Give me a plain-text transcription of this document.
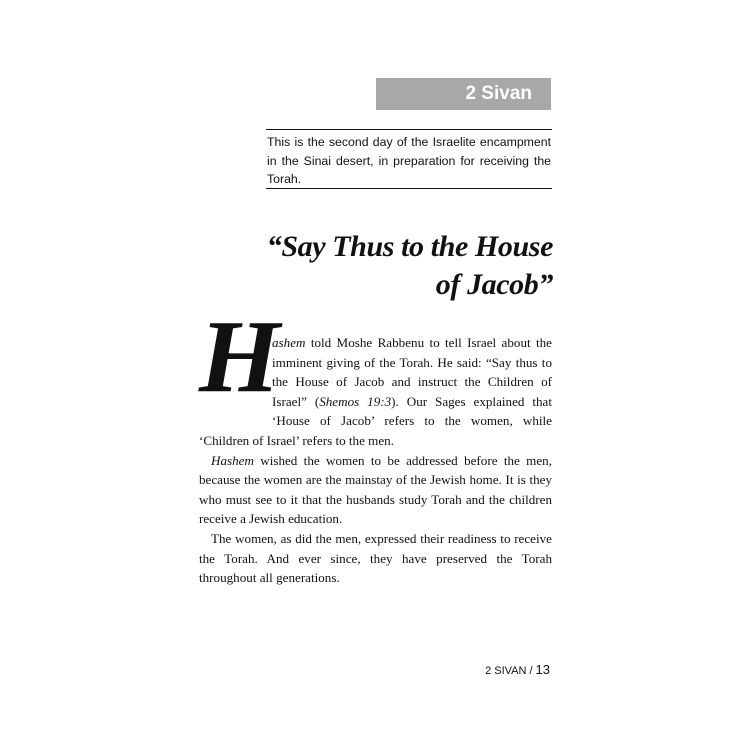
2 Sivan
This is the second day of the Israelite encampment in the Sinai desert, in preparation for receiving the Torah.
“Say Thus to the House
of Jacob”

H
ashem told Moshe Rabbenu to tell Israel about the imminent giving of the Torah. He said: “Say thus to the House of Jacob and instruct the Children of Israel” (Shemos 19:3). Our Sages explained that ‘House of Jacob’ refers to the women, while ‘Children of Israel’ refers to the men.

Hashem wished the women to be addressed before the men, because the women are the mainstay of the Jewish home. It is they who must see to it that the husbands study Torah and the children receive a Jewish education.

The women, as did the men, expressed their readiness to receive the Torah. And ever since, they have preserved the Torah throughout all generations.

2 SIVAN / 13
